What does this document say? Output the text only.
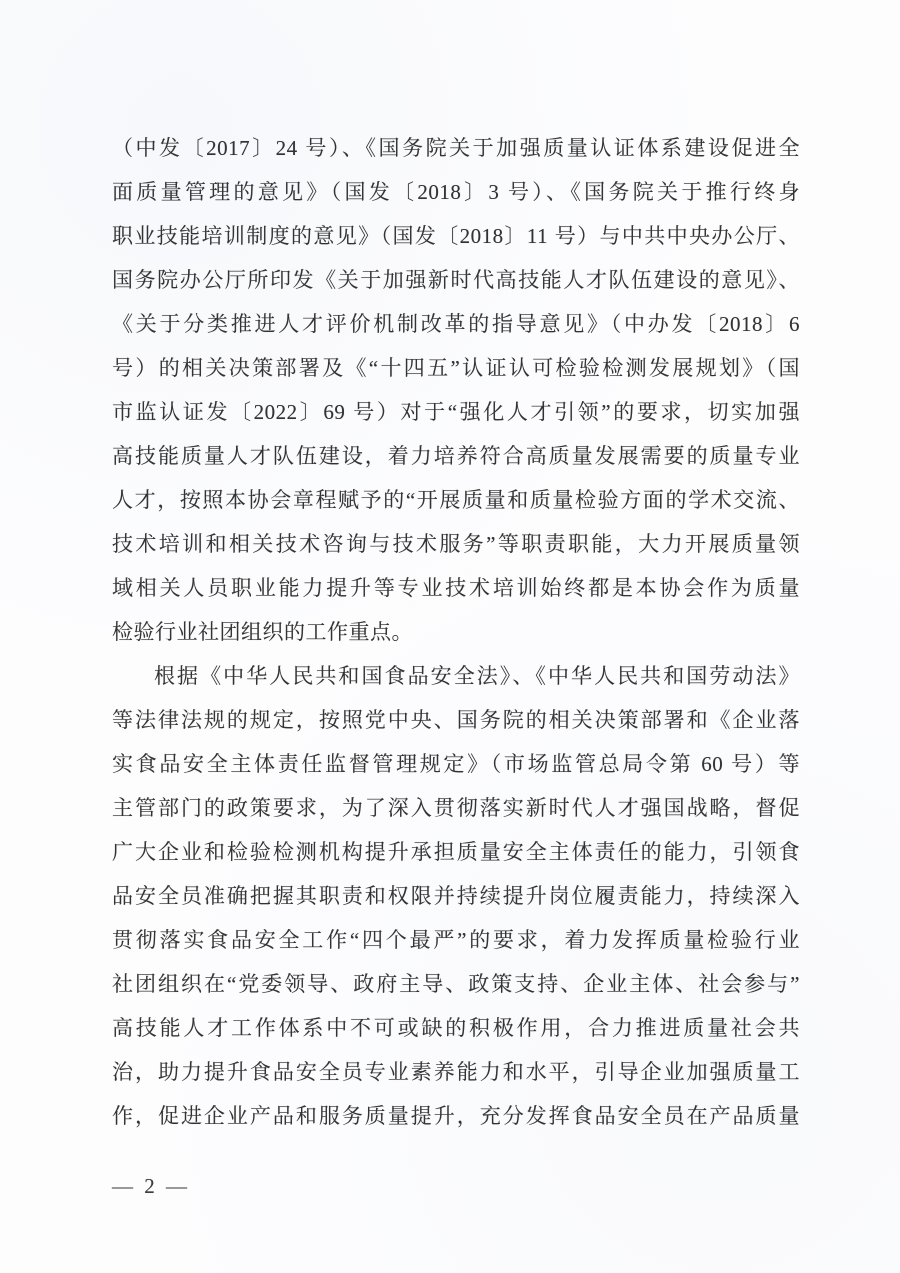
（中发〔2017〕24 号）、《国务院关于加强质量认证体系建设促进全
面质量管理的意见》（国发〔2018〕3 号）、《国务院关于推行终身
职业技能培训制度的意见》（国发〔2018〕11 号）与中共中央办公厅、
国务院办公厅所印发《关于加强新时代高技能人才队伍建设的意见》、
《关于分类推进人才评价机制改革的指导意见》（中办发〔2018〕6
号）的相关决策部署及《“十四五”认证认可检验检测发展规划》（国
市监认证发〔2022〕69 号）对于“强化人才引领”的要求，切实加强
高技能质量人才队伍建设，着力培养符合高质量发展需要的质量专业
人才，按照本协会章程赋予的“开展质量和质量检验方面的学术交流、
技术培训和相关技术咨询与技术服务”等职责职能，大力开展质量领
域相关人员职业能力提升等专业技术培训始终都是本协会作为质量
检验行业社团组织的工作重点。
根据《中华人民共和国食品安全法》、《中华人民共和国劳动法》
等法律法规的规定，按照党中央、国务院的相关决策部署和《企业落
实食品安全主体责任监督管理规定》（市场监管总局令第 60 号）等
主管部门的政策要求，为了深入贯彻落实新时代人才强国战略，督促
广大企业和检验检测机构提升承担质量安全主体责任的能力，引领食
品安全员准确把握其职责和权限并持续提升岗位履责能力，持续深入
贯彻落实食品安全工作“四个最严”的要求，着力发挥质量检验行业
社团组织在“党委领导、政府主导、政策支持、企业主体、社会参与”
高技能人才工作体系中不可或缺的积极作用，合力推进质量社会共
治，助力提升食品安全员专业素养能力和水平，引导企业加强质量工
作，促进企业产品和服务质量提升，充分发挥食品安全员在产品质量
— 2 —
